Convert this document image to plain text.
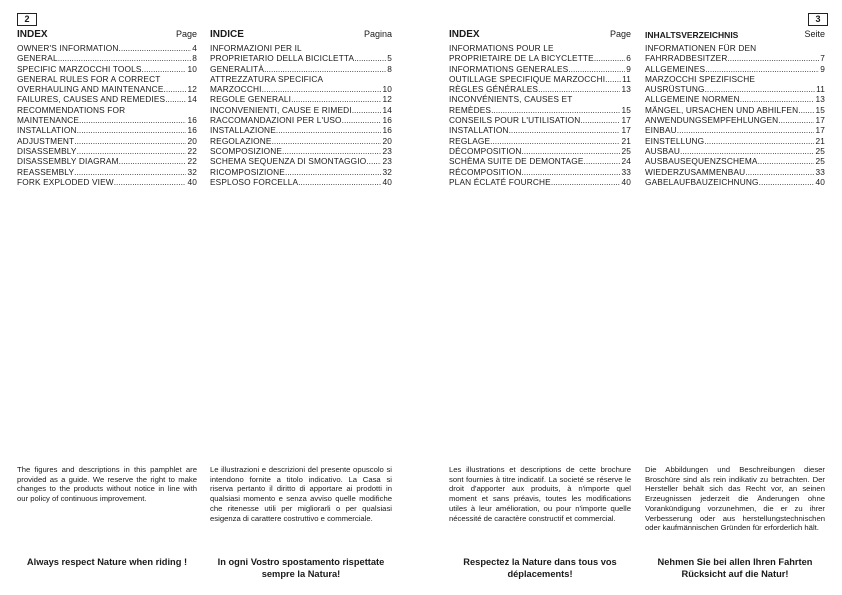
2	3
INDEX	Page
OWNER'S INFORMATION .....	4
GENERAL .....	8
SPECIFIC MARZOCCHI TOOLS .....	10
GENERAL RULES FOR A CORRECT
OVERHAULING AND MAINTENANCE .....	12
FAILURES, CAUSES AND REMEDIES .....	14
RECOMMENDATIONS FOR
MAINTENANCE .....	16
INSTALLATION .....	16
ADJUSTMENT .....	20
DISASSEMBLY .....	22
DISASSEMBLY DIAGRAM .....	22
REASSEMBLY .....	32
FORK EXPLODED VIEW .....	40
INDICE	Pagina
INFORMAZIONI PER IL
PROPRIETARIO DELLA BICICLETTA .....	5
GENERALITÀ .....	8
ATTREZZATURA SPECIFICA
MARZOCCHI .....	10
REGOLE GENERALI .....	12
INCONVENIENTI, CAUSE E RIMEDI .....	14
RACCOMANDAZIONI PER L'USO .....	16
INSTALLAZIONE .....	16
REGOLAZIONE .....	20
SCOMPOSIZIONE .....	23
SCHEMA SEQUENZA DI SMONTAGGIO ..... 23
RICOMPOSIZIONE .....	32
ESPLOSO FORCELLA .....	40
INDEX	Page
INFORMATIONS POUR LE
PROPRIETAIRE DE LA BICYCLETTE .....	6
INFORMATIONS GENERALES .....	9
OUTILLAGE SPECIFIQUE MARZOCCHI ..... 11
RÈGLES GÉNÉRALES .....	13
INCONVÉNIENTS, CAUSES ET
REMÈDES .....	15
CONSEILS POUR L'UTILISATION .....	17
INSTALLATION .....	17
REGLAGE .....	21
DÉCOMPOSITION .....	25
SCHÈMA SUITE DE DEMONTAGE .....	24
RÉCOMPOSITION .....	33
PLAN ÉCLATÉ FOURCHE .....	40
INHALTSVERZEICHNIS	Seite
INFORMATIONEN FÜR DEN
FAHRRADBESITZER .....	7
ALLGEMEINES .....	9
MARZOCCHI SPEZIFISCHE
AUSRÜSTUNG .....	11
ALLGEMEINE NORMEN .....	13
MÄNGEL, URSACHEN UND ABHILFEN ..... 15
ANWENDUNGSEMPFEHLUNGEN .....	17
EINBAU .....	17
EINSTELLUNG .....	21
AUSBAU .....	25
AUSBAUSEQUENZSCHEMA .....	25
WIEDERZUSAMMENBAU .....	33
GABELAUFBAUZEICHNUNG .....	40
The figures and descriptions in this pamphlet are provided as a guide. We reserve the right to make changes to the products without notice in line with our policy of continuous improvement.
Le illustrazioni e descrizioni del presente opuscolo si intendono fornite a titolo indicativo. La Casa si riserva pertanto il diritto di apportare ai prodotti in qualsiasi momento e senza avviso quelle modifiche che ritenesse utili per migliorarli o per qualsiasi esigenza di carattere costruttivo e commerciale.
Les illustrations et descriptions de cette brochure sont fournies à titre indicatif. La societé se réserve le droit d'apporter aux produits, à n'importe quel moment et sans préavis, toutes les modifications utiles à leur amélioration, ou pour n'importe quelle nécessité de caractère constructif et commercial.
Die Abbildungen und Beschreibungen dieser Broschüre sind als rein indikativ zu betrachten. Der Hersteller behält sich das Recht vor, an seinen Erzeugnissen jederzeit die Änderungen ohne Vorankündigung vorzunehmen, die er zu ihrer Verbesserung oder aus herstellungstechnischen oder kaufmännischen Gründen für erforderlich hält.
Always respect Nature when riding !	In ogni Vostro spostamento rispettate sempre la Natura!
Respectez la Nature dans tous vos déplacements!
Nehmen Sie bei allen Ihren Fahrten Rücksicht auf die Natur!
